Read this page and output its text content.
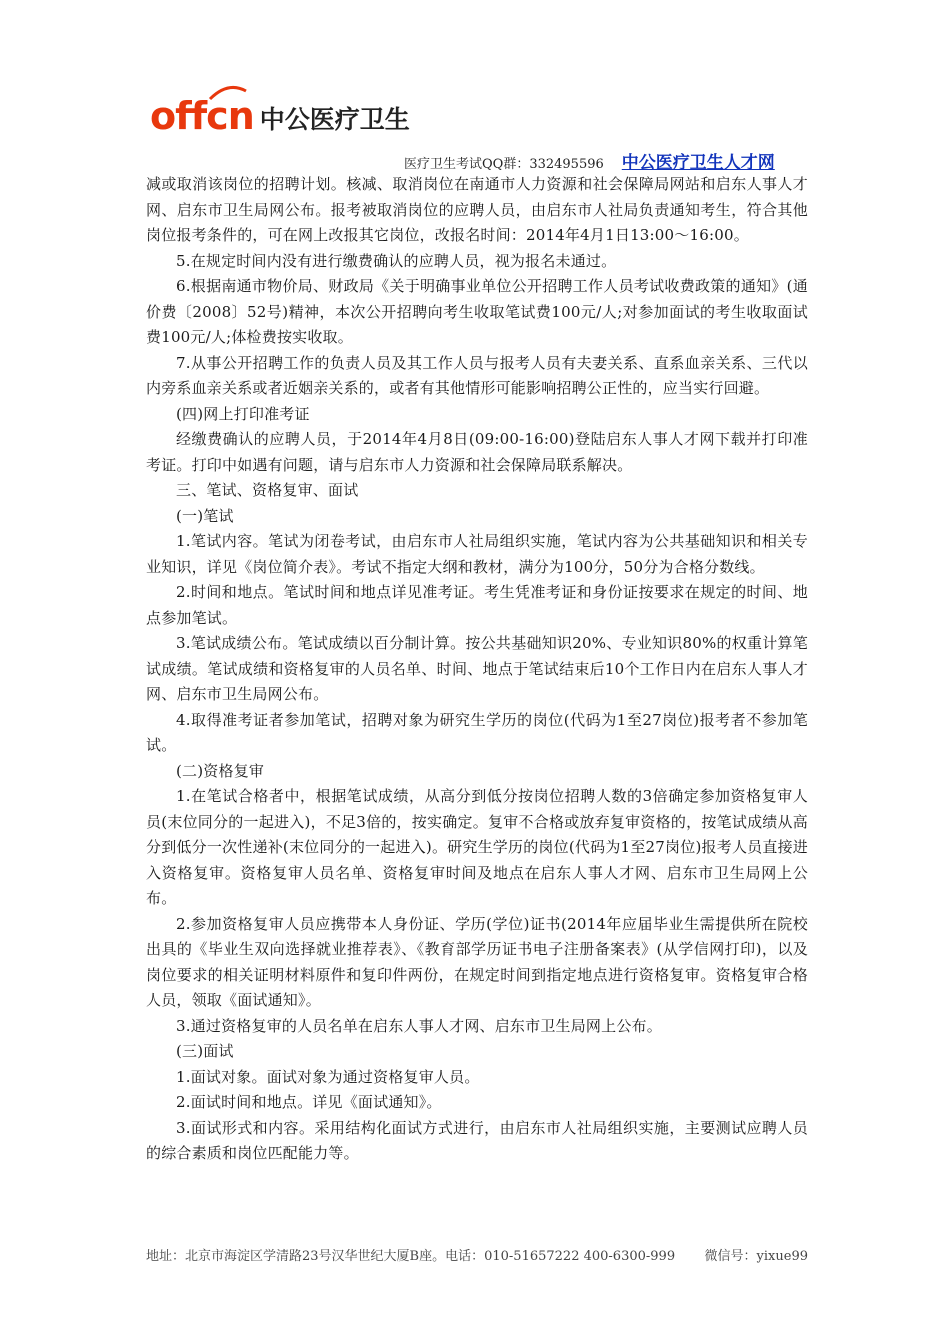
offcn 中公医疗卫生
医疗卫生考试QQ群：332495596 中公医疗卫生人才网

减或取消该岗位的招聘计划。核减、取消岗位在南通市人力资源和社会保障局网站和启东人事人才网、启东市卫生局网公布。报考被取消岗位的应聘人员，由启东市人社局负责通知考生，符合其他岗位报考条件的，可在网上改报其它岗位，改报名时间：2014年4月1日13:00～16:00。

5.在规定时间内没有进行缴费确认的应聘人员，视为报名未通过。

6.根据南通市物价局、财政局《关于明确事业单位公开招聘工作人员考试收费政策的通知》(通价费〔2008〕52号)精神，本次公开招聘向考生收取笔试费100元/人;对参加面试的考生收取面试费100元/人;体检费按实收取。

7.从事公开招聘工作的负责人员及其工作人员与报考人员有夫妻关系、直系血亲关系、三代以内旁系血亲关系或者近姻亲关系的，或者有其他情形可能影响招聘公正性的，应当实行回避。

(四)网上打印准考证

经缴费确认的应聘人员，于2014年4月8日(09:00-16:00)登陆启东人事人才网下载并打印准考证。打印中如遇有问题，请与启东市人力资源和社会保障局联系解决。

三、笔试、资格复审、面试

(一)笔试

1.笔试内容。笔试为闭卷考试，由启东市人社局组织实施，笔试内容为公共基础知识和相关专业知识，详见《岗位简介表》。考试不指定大纲和教材，满分为100分，50分为合格分数线。

2.时间和地点。笔试时间和地点详见准考证。考生凭准考证和身份证按要求在规定的时间、地点参加笔试。

3.笔试成绩公布。笔试成绩以百分制计算。按公共基础知识20%、专业知识80%的权重计算笔试成绩。笔试成绩和资格复审的人员名单、时间、地点于笔试结束后10个工作日内在启东人事人才网、启东市卫生局网公布。

4.取得准考证者参加笔试，招聘对象为研究生学历的岗位(代码为1至27岗位)报考者不参加笔试。

(二)资格复审

1.在笔试合格者中，根据笔试成绩，从高分到低分按岗位招聘人数的3倍确定参加资格复审人员(末位同分的一起进入)，不足3倍的，按实确定。复审不合格或放弃复审资格的，按笔试成绩从高分到低分一次性递补(末位同分的一起进入)。研究生学历的岗位(代码为1至27岗位)报考人员直接进入资格复审。资格复审人员名单、资格复审时间及地点在启东人事人才网、启东市卫生局网上公布。

2.参加资格复审人员应携带本人身份证、学历(学位)证书(2014年应届毕业生需提供所在院校出具的《毕业生双向选择就业推荐表》、《教育部学历证书电子注册备案表》(从学信网打印)，以及岗位要求的相关证明材料原件和复印件两份，在规定时间到指定地点进行资格复审。资格复审合格人员，领取《面试通知》。

3.通过资格复审的人员名单在启东人事人才网、启东市卫生局网上公布。

(三)面试

1.面试对象。面试对象为通过资格复审人员。

2.面试时间和地点。详见《面试通知》。

3.面试形式和内容。采用结构化面试方式进行，由启东市人社局组织实施，主要测试应聘人员的综合素质和岗位匹配能力等。

地址：北京市海淀区学清路23号汉华世纪大厦B座。电话：010-51657222 400-6300-999 微信号：yixue99
